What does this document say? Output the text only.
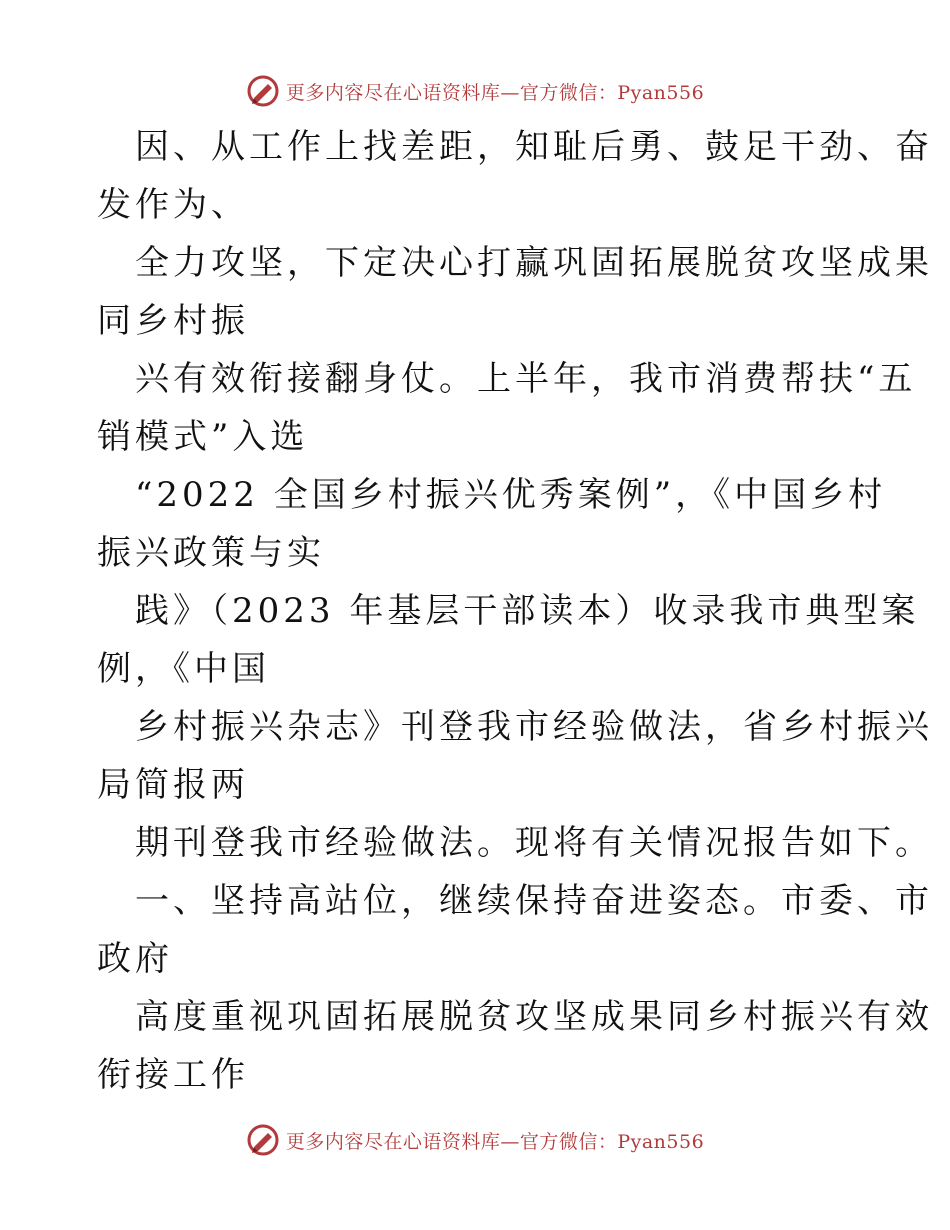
更多内容尽在心语资料库—官方微信：Pyan556
因、从工作上找差距，知耻后勇、鼓足干劲、奋
发作为、
全力攻坚，下定决心打赢巩固拓展脱贫攻坚成果
同乡村振
兴有效衔接翻身仗。上半年，我市消费帮扶“五
销模式”入选
“2022 全国乡村振兴优秀案例”，《中国乡村
振兴政策与实
践》（2023 年基层干部读本）收录我市典型案
例，《中国
乡村振兴杂志》刊登我市经验做法，省乡村振兴
局简报两
期刊登我市经验做法。现将有关情况报告如下。
一、坚持高站位，继续保持奋进姿态。市委、市
政府
高度重视巩固拓展脱贫攻坚成果同乡村振兴有效
衔接工作
更多内容尽在心语资料库—官方微信：Pyan556
